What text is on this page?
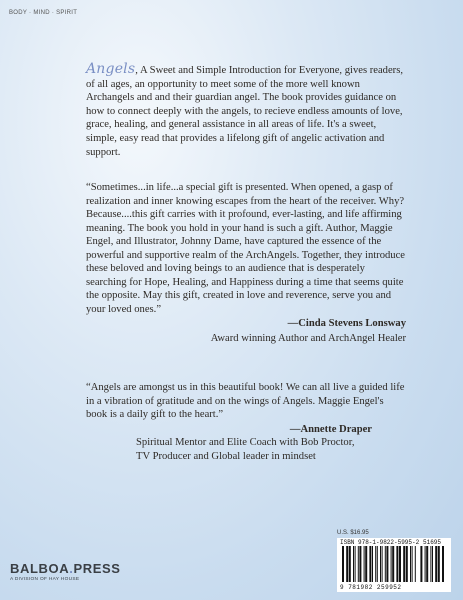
BODY · MIND · SPIRIT

Angels, A Sweet and Simple Introduction for Everyone, gives readers, of all ages, an opportunity to meet some of the more well known Archangels and and their guardian angel. The book provides guidance on how to connect deeply with the angels, to recieve endless amounts of love, grace, healing, and general assistance in all areas of life. It's a sweet, simple, easy read that provides a lifelong gift of angelic activation and support.

“Sometimes...in life...a special gift is presented. When opened, a gasp of realization and inner knowing escapes from the heart of the receiver. Why? Because....this gift carries with it profound, ever-lasting, and life affirming meaning. The book you hold in your hand is such a gift. Author, Maggie Engel, and Illustrator, Johnny Dame, have captured the essence of the powerful and supportive realm of the ArchAngels. Together, they introduce these beloved and loving beings to an audience that is desperately searching for Hope, Healing, and Happiness during a time that seems quite the opposite. May this gift, created in love and reverence, serve you and your loved ones.”
—Cinda Stevens Lonsway
Award winning Author and ArchAngel Healer
“Angels are amongst us in this beautiful book! We can all live a guided life in a vibration of gratitude and on the wings of Angels. Maggie Engel's book is a daily gift to the heart.”
—Annette Draper
Spiritual Mentor and Elite Coach with Bob Proctor,
TV Producer and Global leader in mindset
U.S. $16.95
ISBN 978-1-9822-5995-2
9 781982 259952
51695
BALBOA.PRESS
A DIVISION OF HAY HOUSE
